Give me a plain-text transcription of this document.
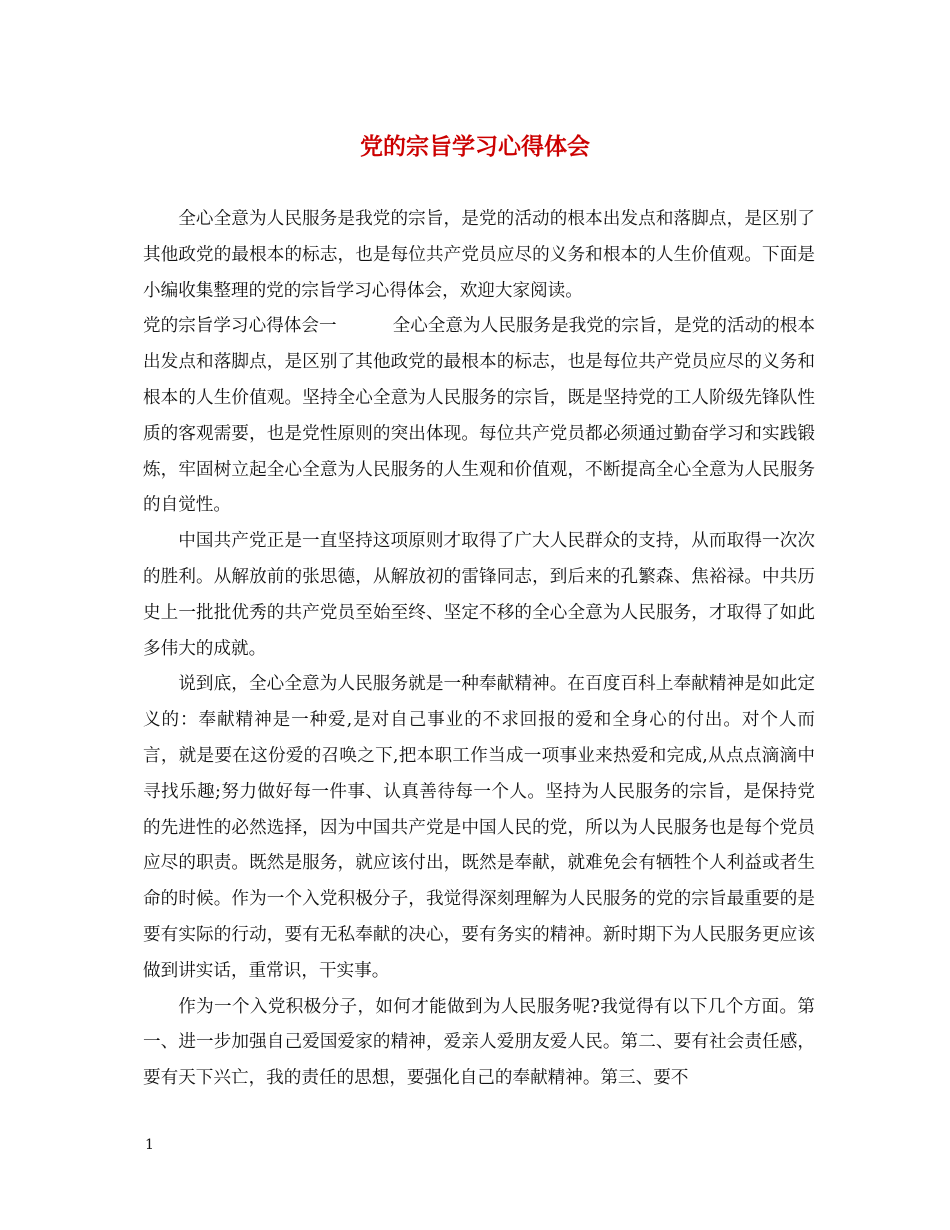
党的宗旨学习心得体会

全心全意为人民服务是我党的宗旨，是党的活动的根本出发点和落脚点，是区别了其他政党的最根本的标志，也是每位共产党员应尽的义务和根本的人生价值观。下面是小编收集整理的党的宗旨学习心得体会，欢迎大家阅读。

党的宗旨学习心得体会一	全心全意为人民服务是我党的宗旨，是党的活动的根本出发点和落脚点，是区别了其他政党的最根本的标志，也是每位共产党员应尽的义务和根本的人生价值观。坚持全心全意为人民服务的宗旨，既是坚持党的工人阶级先锋队性质的客观需要，也是党性原则的突出体现。每位共产党员都必须通过勤奋学习和实践锻炼，牢固树立起全心全意为人民服务的人生观和价值观，不断提高全心全意为人民服务的自觉性。

中国共产党正是一直坚持这项原则才取得了广大人民群众的支持，从而取得一次次的胜利。从解放前的张思德，从解放初的雷锋同志，到后来的孔繁森、焦裕禄。中共历史上一批批优秀的共产党员至始至终、坚定不移的全心全意为人民服务，才取得了如此多伟大的成就。

说到底，全心全意为人民服务就是一种奉献精神。在百度百科上奉献精神是如此定义的：奉献精神是一种爱,是对自己事业的不求回报的爱和全身心的付出。对个人而言，就是要在这份爱的召唤之下,把本职工作当成一项事业来热爱和完成,从点点滴滴中寻找乐趣;努力做好每一件事、认真善待每一个人。坚持为人民服务的宗旨，是保持党的先进性的必然选择，因为中国共产党是中国人民的党，所以为人民服务也是每个党员应尽的职责。既然是服务，就应该付出，既然是奉献，就难免会有牺牲个人利益或者生命的时候。作为一个入党积极分子，我觉得深刻理解为人民服务的党的宗旨最重要的是要有实际的行动，要有无私奉献的决心，要有务实的精神。新时期下为人民服务更应该做到讲实话，重常识，干实事。

作为一个入党积极分子，如何才能做到为人民服务呢?我觉得有以下几个方面。第一、进一步加强自己爱国爱家的精神，爱亲人爱朋友爱人民。第二、要有社会责任感，要有天下兴亡，我的责任的思想，要强化自己的奉献精神。第三、要不

1
